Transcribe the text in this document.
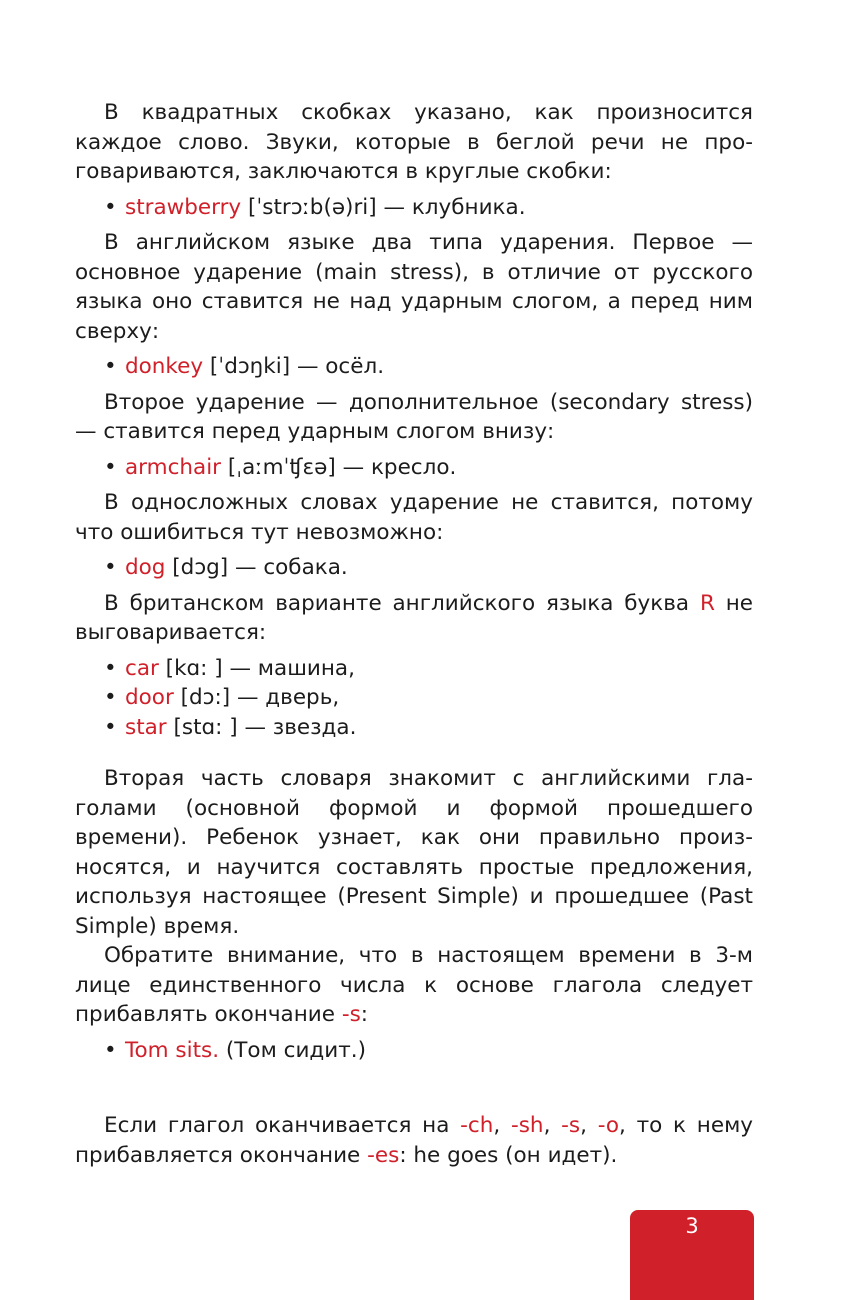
В квадратных скобках указано, как произносится каждое слово. Звуки, которые в беглой речи не проговариваются, заключаются в круглые скобки:

• strawberry [ˈstrɔːb(ə)ri] — клубника.

В английском языке два типа ударения. Первое — основное ударение (main stress), в отличие от русского языка оно ставится не над ударным слогом, а перед ним сверху:

• donkey [ˈdɔŋki] — осёл.

Второе ударение — дополнительное (secondary stress) — ставится перед ударным слогом внизу:

• armchair [ˌaːmˈʧɛə] — кресло.

В односложных словах ударение не ставится, потому что ошибиться тут невозможно:

• dog [dɔg] — собака.

В британском варианте английского языка буква R не выговаривается:

• car [kɑ: ] — машина,
• door [dɔ:] — дверь,
• star [stɑ: ] — звезда.

Вторая часть словаря знакомит с английскими глаголами (основной формой и формой прошедшего времени). Ребенок узнает, как они правильно произносятся, и научится составлять простые предложения, используя настоящее (Present Simple) и прошедшее (Past Simple) время.

Обратите внимание, что в настоящем времени в 3-м лице единственного числа к основе глагола следует прибавлять окончание -s:

• Tom sits. (Том сидит.)

Если глагол оканчивается на -ch, -sh, -s, -o, то к нему прибавляется окончание -es: he goes (он идет).

3
